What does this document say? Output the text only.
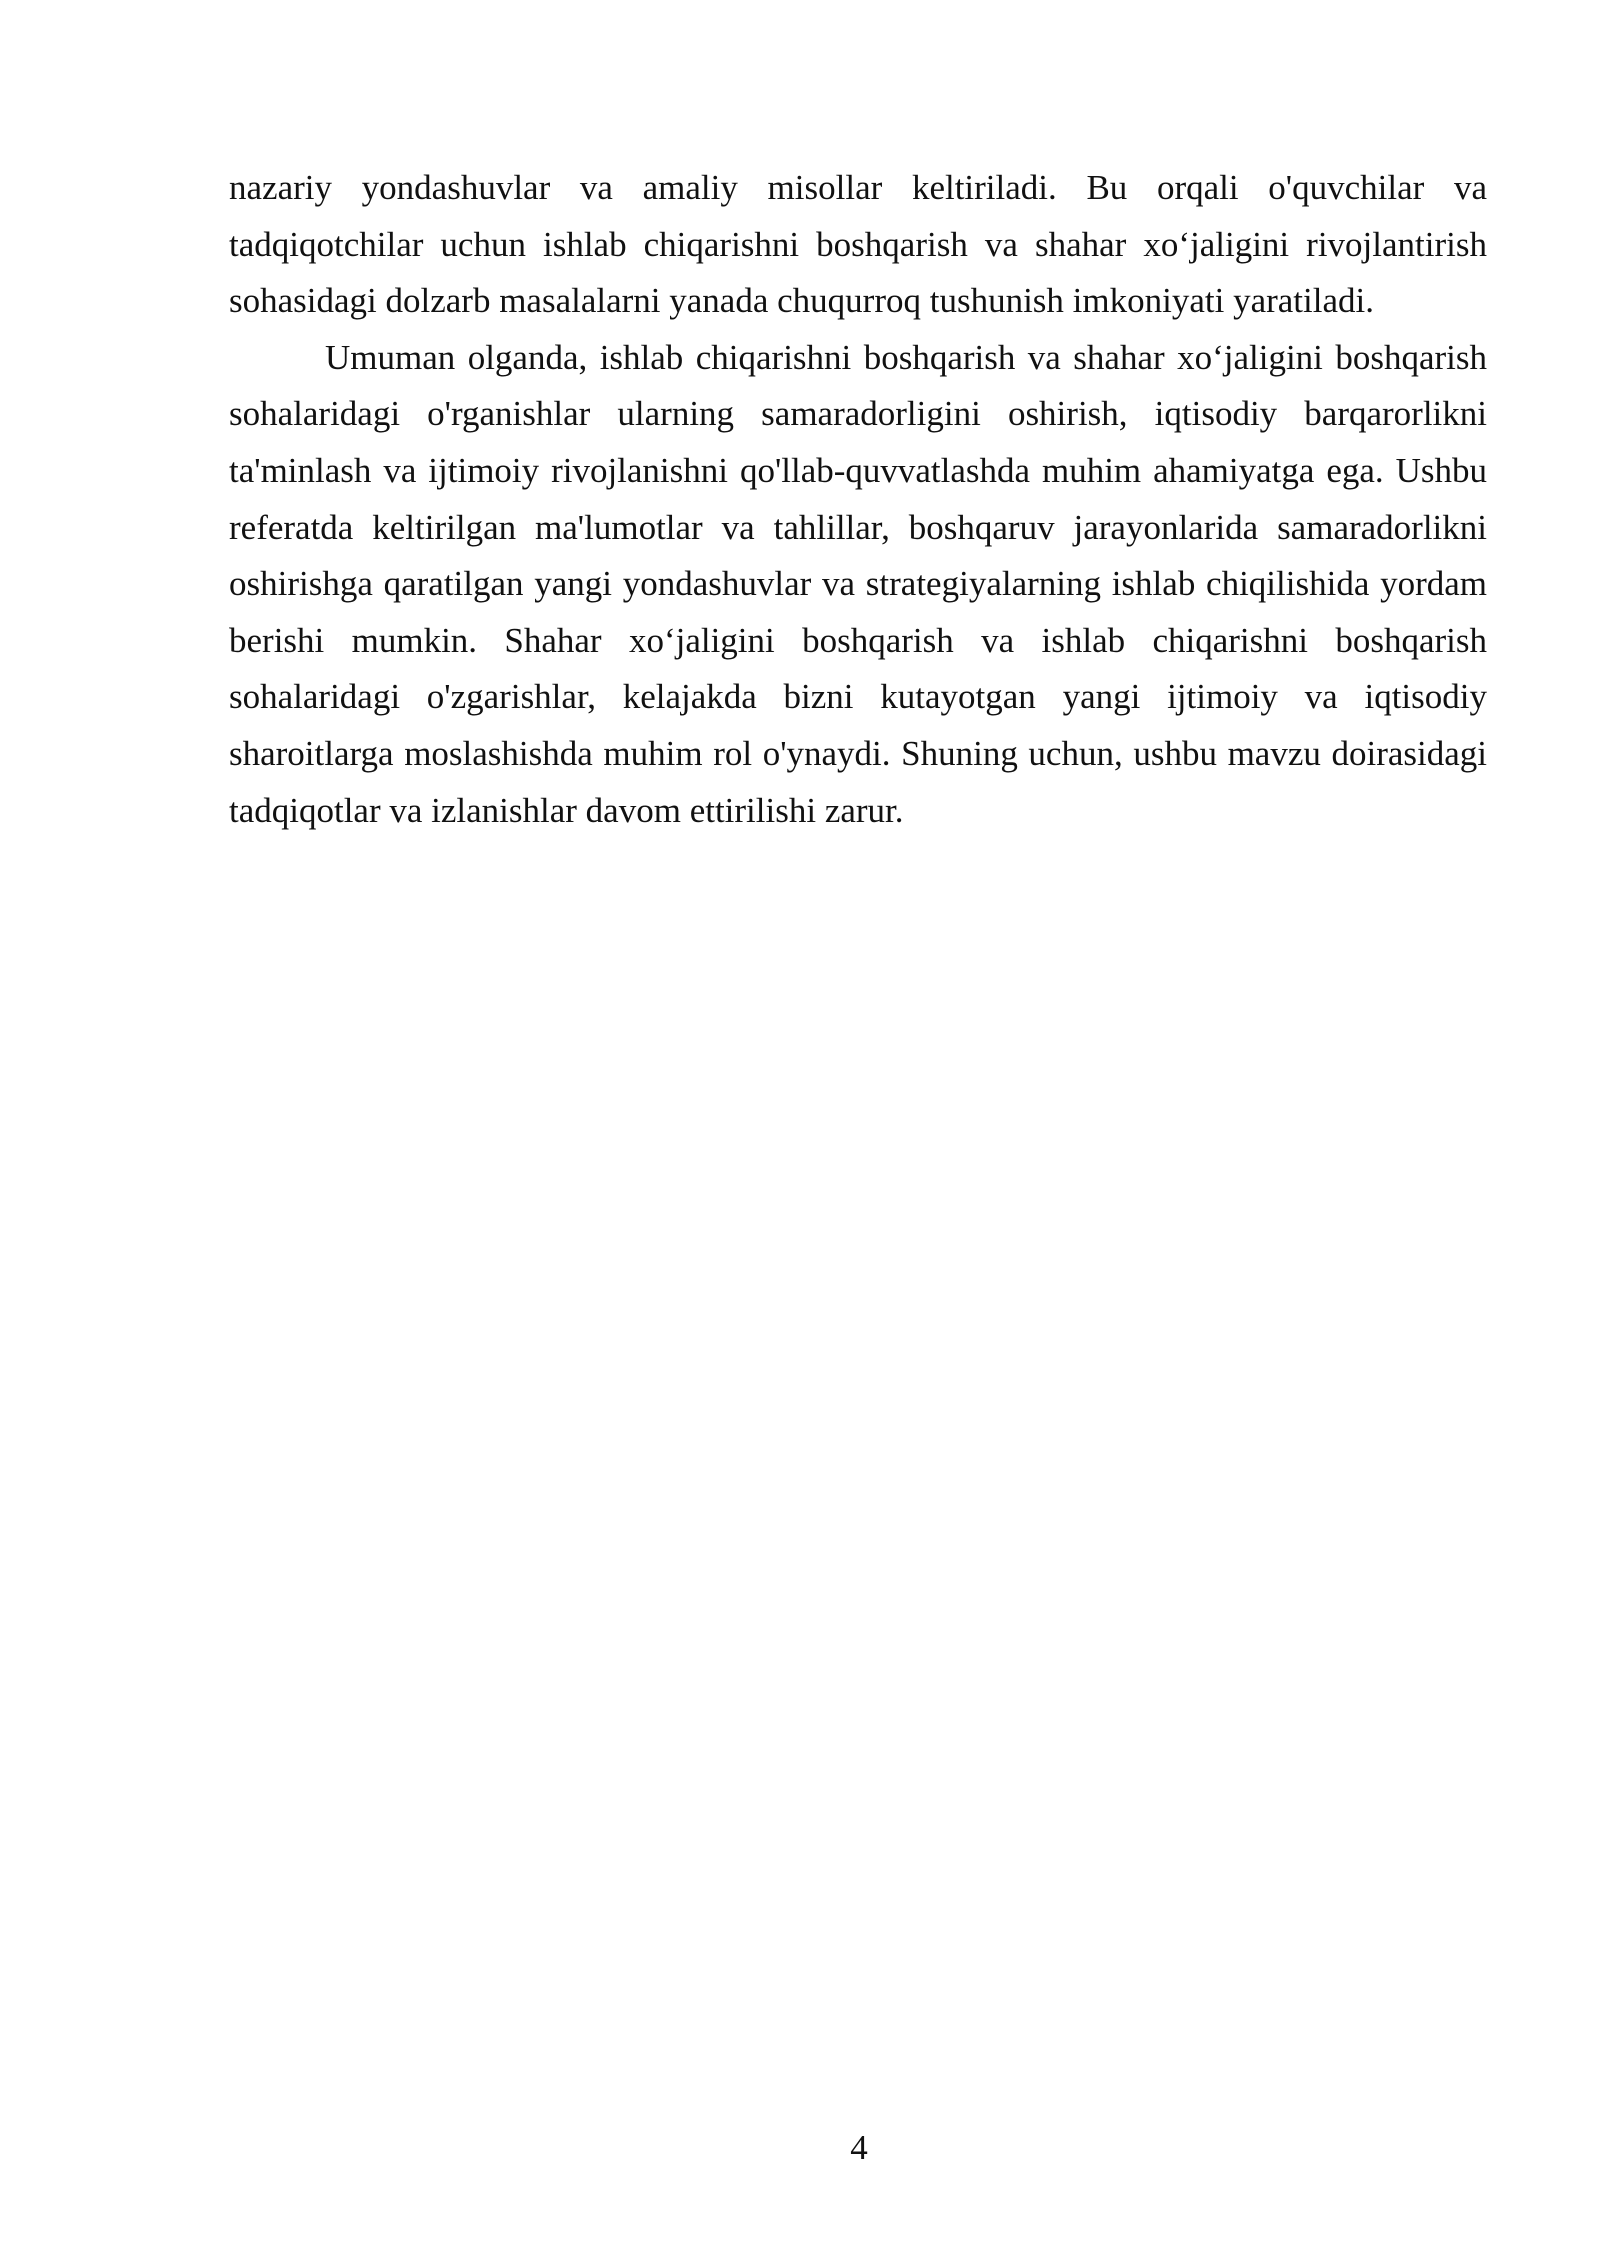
nazariy yondashuvlar va amaliy misollar keltiriladi. Bu orqali o'quvchilar va tadqiqotchilar uchun ishlab chiqarishni boshqarish va shahar xo‘jaligini rivojlantirish sohasidagi dolzarb masalalarni yanada chuqurroq tushunish imkoniyati yaratiladi.

Umuman olganda, ishlab chiqarishni boshqarish va shahar xo‘jaligini boshqarish sohalaridagi o'rganishlar ularning samaradorligini oshirish, iqtisodiy barqarorlikni ta'minlash va ijtimoiy rivojlanishni qo'llab-quvvatlashda muhim ahamiyatga ega. Ushbu referatda keltirilgan ma'lumotlar va tahlillar, boshqaruv jarayonlarida samaradorlikni oshirishga qaratilgan yangi yondashuvlar va strategiyalarning ishlab chiqilishida yordam berishi mumkin. Shahar xo‘jaligini boshqarish va ishlab chiqarishni boshqarish sohalaridagi o'zgarishlar, kelajakda bizni kutayotgan yangi ijtimoiy va iqtisodiy sharoitlarga moslashishda muhim rol o'ynaydi. Shuning uchun, ushbu mavzu doirasidagi tadqiqotlar va izlanishlar davom ettirilishi zarur.

4
